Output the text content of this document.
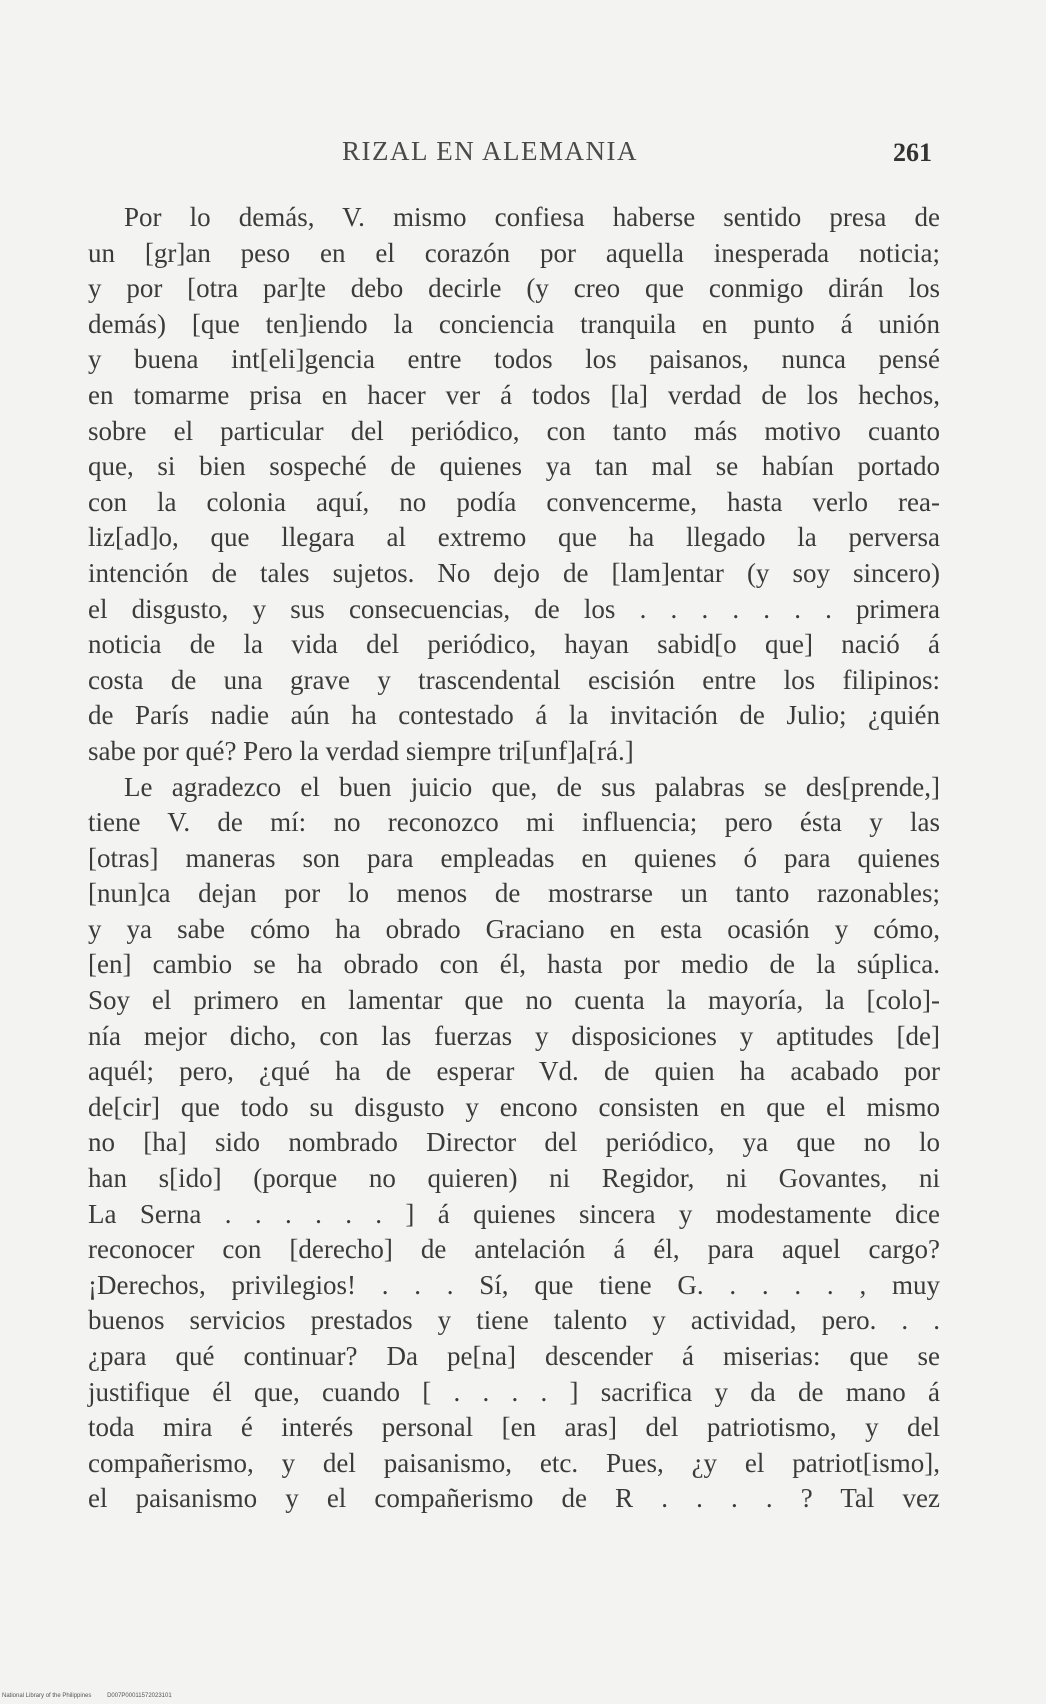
RIZAL EN ALEMANIA	261
Por lo demás, V. mismo confiesa haberse sentido presa de
un [gr]an peso en el corazón por aquella inesperada noticia;
y por [otra par]te debo decirle (y creo que conmigo dirán los
demás) [que ten]iendo la conciencia tranquila en punto á unión
y buena int[eli]gencia entre todos los paisanos, nunca pensé
en tomarme prisa en hacer ver á todos [la] verdad de los hechos,
sobre el particular del periódico, con tanto más motivo cuanto
que, si bien sospeché de quienes ya tan mal se habían portado
con la colonia aquí, no podía convencerme, hasta verlo rea-
liz[ad]o, que llegara al extremo que ha llegado la perversa
intención de tales sujetos. No dejo de [lam]entar (y soy sincero)
el disgusto, y sus consecuencias, de los . . . . . . . primera
noticia de la vida del periódico, hayan sabid[o que] nació á
costa de una grave y trascendental escisión entre los filipinos:
de París nadie aún ha contestado á la invitación de Julio; ¿quién
sabe por qué? Pero la verdad siempre tri[unf]a[rá.]
Le agradezco el buen juicio que, de sus palabras se des[prende,]
tiene V. de mí: no reconozco mi influencia; pero ésta y las
[otras] maneras son para empleadas en quienes ó para quienes
[nun]ca dejan por lo menos de mostrarse un tanto razonables;
y ya sabe cómo ha obrado Graciano en esta ocasión y cómo,
[en] cambio se ha obrado con él, hasta por medio de la súplica.
Soy el primero en lamentar que no cuenta la mayoría, la [colo]-
nía mejor dicho, con las fuerzas y disposiciones y aptitudes [de]
aquél; pero, ¿qué ha de esperar Vd. de quien ha acabado por
de[cir] que todo su disgusto y encono consisten en que el mismo
no [ha] sido nombrado Director del periódico, ya que no lo
han s[ido] (porque no quieren) ni Regidor, ni Govantes, ni
La Serna . . . . . . ] á quienes sincera y modestamente dice
reconocer con [derecho] de antelación á él, para aquel cargo?
¡Derechos, privilegios! . . . Sí, que tiene G. . . . . , muy
buenos servicios prestados y tiene talento y actividad, pero. . .
¿para qué continuar? Da pe[na] descender á miserias: que se
justifique él que, cuando [ . . . . ] sacrifica y da de mano á
toda mira é interés personal [en aras] del patriotismo, y del
compañerismo, y del paisanismo, etc. Pues, ¿y el patriot[ismo],
el paisanismo y el compañerismo de R . . . . ? Tal vez
National Library of the Philippines	D007P00011572023101
